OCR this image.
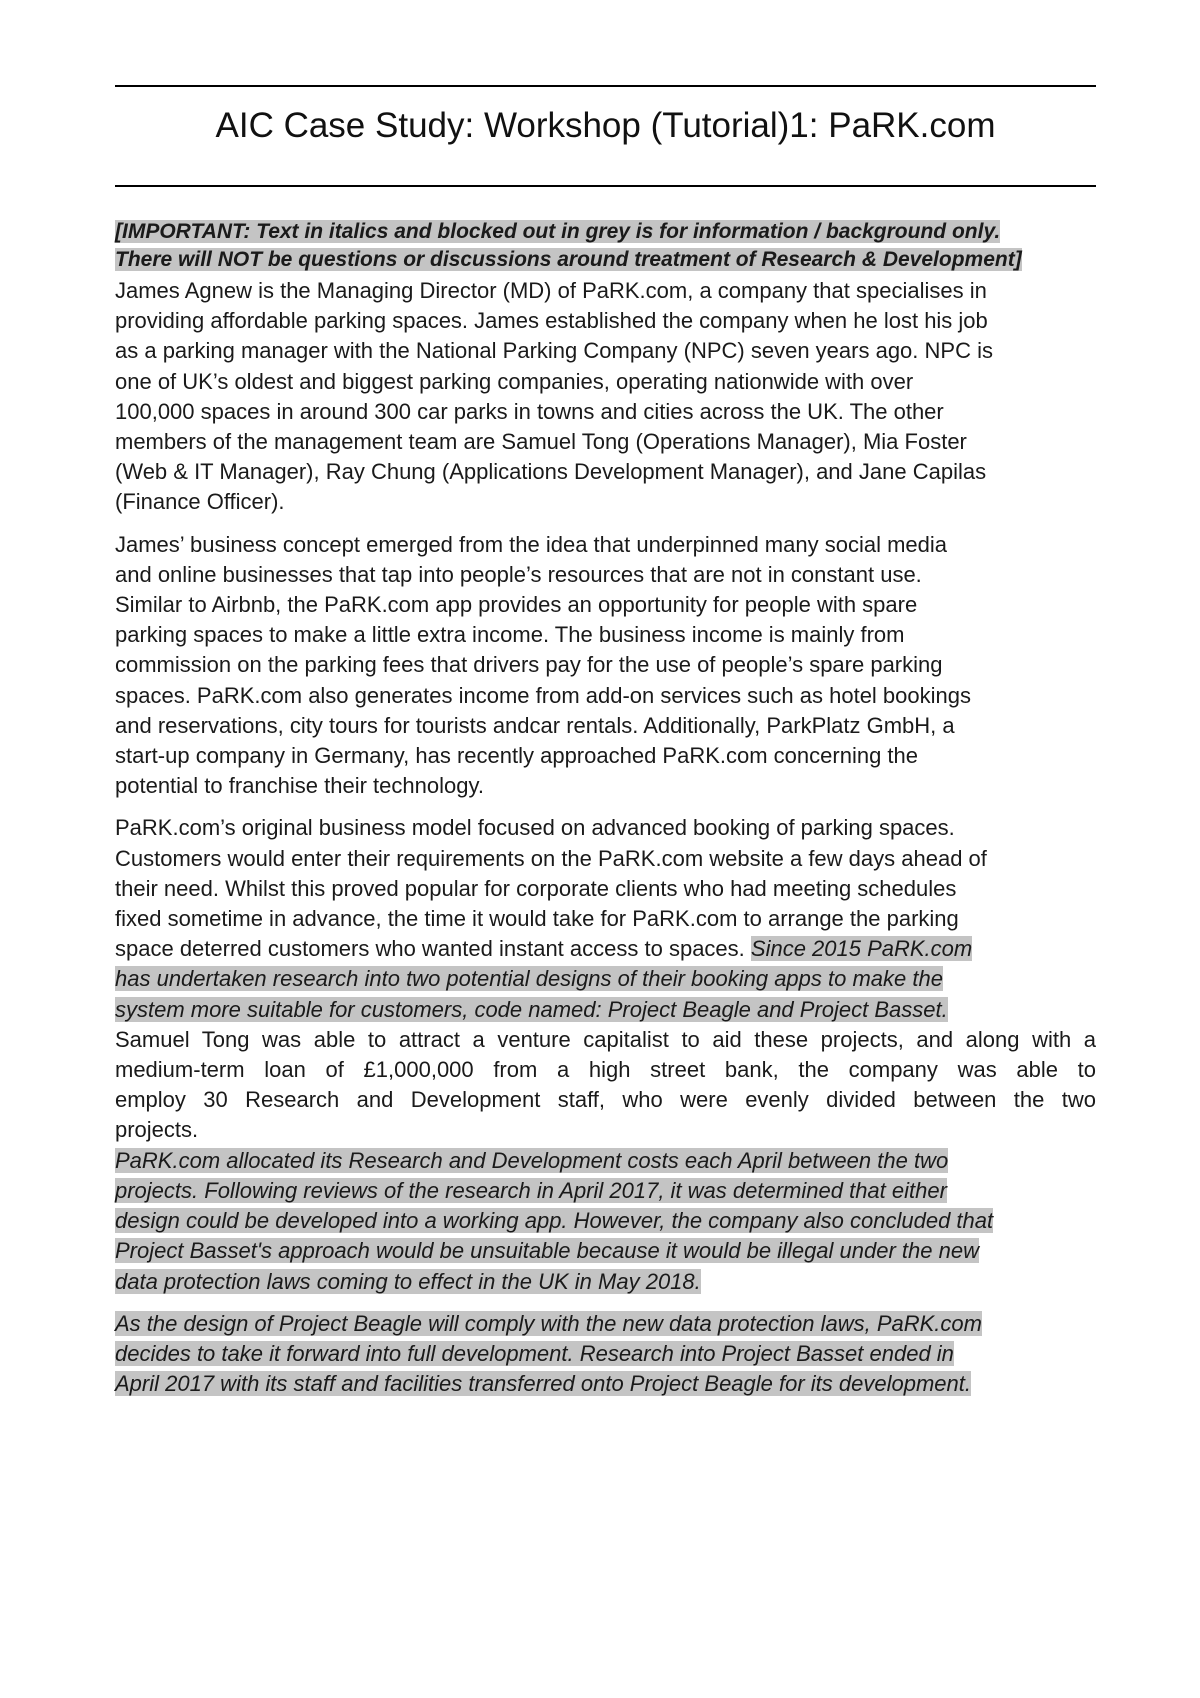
AIC Case Study: Workshop (Tutorial)1: PaRK.com
[IMPORTANT: Text in italics and blocked out in grey is for information / background only.
There will NOT be questions or discussions around treatment of Research & Development]
James Agnew is the Managing Director (MD) of PaRK.com, a company that specialises in
providing affordable parking spaces. James established the company when he lost his job
as a parking manager with the National Parking Company (NPC) seven years ago. NPC is
one of UK’s oldest and biggest parking companies, operating nationwide with over
100,000 spaces in around 300 car parks in towns and cities across the UK. The other
members of the management team are Samuel Tong (Operations Manager), Mia Foster
(Web & IT Manager), Ray Chung (Applications Development Manager), and Jane Capilas
(Finance Officer).
James’ business concept emerged from the idea that underpinned many social media
and online businesses that tap into people’s resources that are not in constant use.
Similar to Airbnb, the PaRK.com app provides an opportunity for people with spare
parking spaces to make a little extra income. The business income is mainly from
commission on the parking fees that drivers pay for the use of people’s spare parking
spaces. PaRK.com also generates income from add-on services such as hotel bookings
and reservations, city tours for tourists andcar rentals. Additionally, ParkPlatz GmbH, a
start-up company in Germany, has recently approached PaRK.com concerning the
potential to franchise their technology.
PaRK.com’s original business model focused on advanced booking of parking spaces.
Customers would enter their requirements on the PaRK.com website a few days ahead of
their need. Whilst this proved popular for corporate clients who had meeting schedules
fixed sometime in advance, the time it would take for PaRK.com to arrange the parking
space deterred customers who wanted instant access to spaces. Since 2015 PaRK.com
has undertaken research into two potential designs of their booking apps to make the
system more suitable for customers, code named: Project Beagle and Project Basset.
Samuel Tong was able to attract a venture capitalist to aid these projects, and along with a
medium-term loan of £1,000,000 from a high street bank, the company was able to
employ 30 Research and Development staff, who were evenly divided between the two
projects.
PaRK.com allocated its Research and Development costs each April between the two
projects. Following reviews of the research in April 2017, it was determined that either
design could be developed into a working app. However, the company also concluded that
Project Basset's approach would be unsuitable because it would be illegal under the new
data protection laws coming to effect in the UK in May 2018.
As the design of Project Beagle will comply with the new data protection laws, PaRK.com
decides to take it forward into full development. Research into Project Basset ended in
April 2017 with its staff and facilities transferred onto Project Beagle for its development.
